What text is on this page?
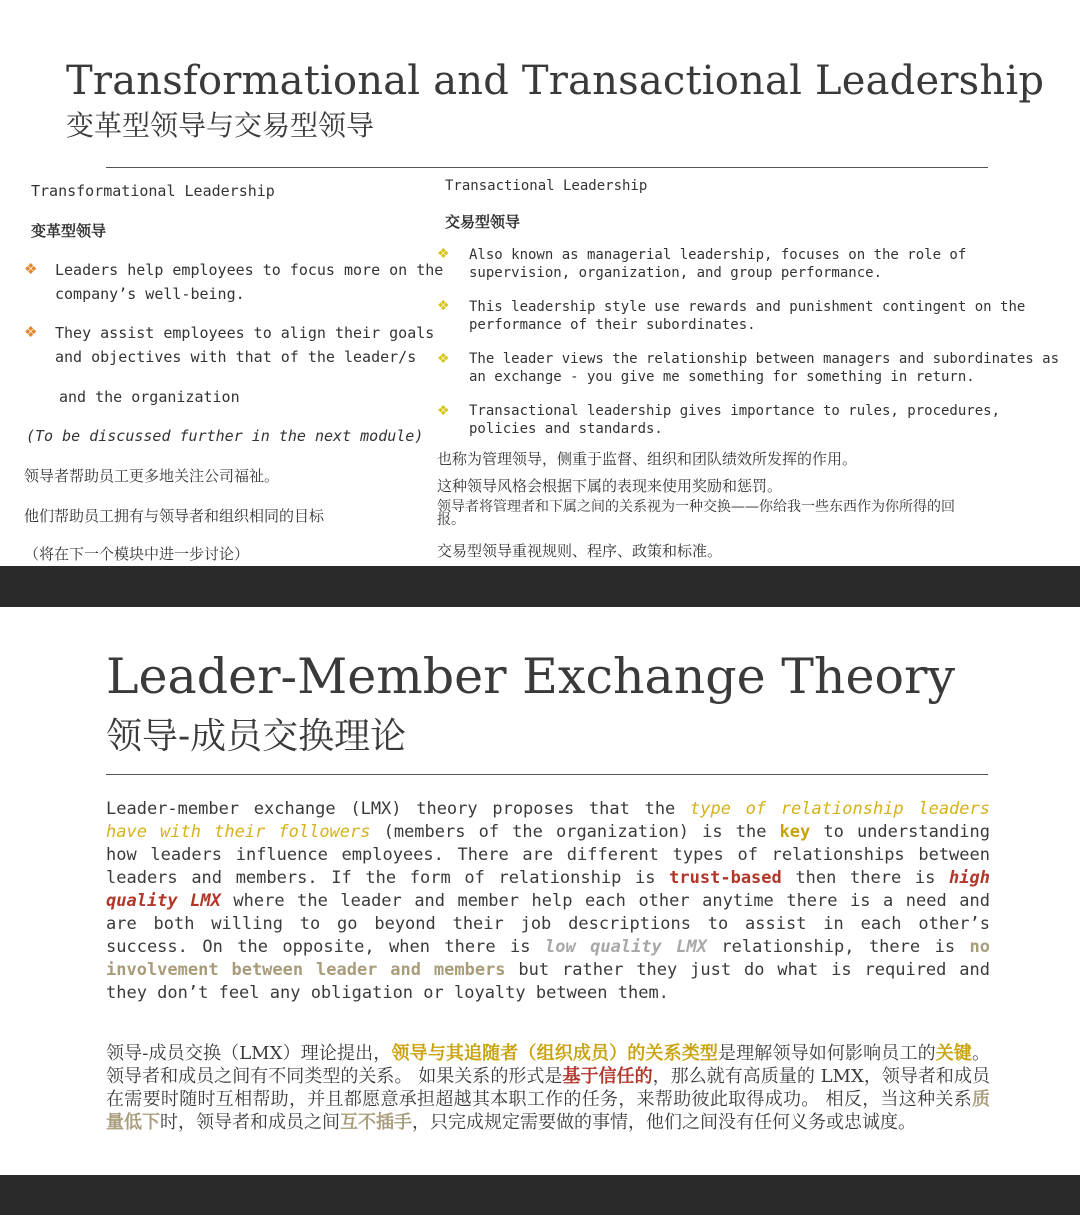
Transformational and Transactional Leadership
变革型领导与交易型领导
Transformational Leadership
变革型领导
❖ Leaders help employees to focus more on the
company’s well-being.
❖ They assist employees to align their goals
and objectives with that of the leader/s
and the organization
(To be discussed further in the next module)
领导者帮助员工更多地关注公司福祉。
他们帮助员工拥有与领导者和组织相同的目标
（将在下一个模块中进一步讨论）
Transactional Leadership
交易型领导
❖ Also known as managerial leadership, focuses on the role of
supervision, organization, and group performance.
❖ This leadership style use rewards and punishment contingent on the
performance of their subordinates.
❖ The leader views the relationship between managers and subordinates as
an exchange - you give me something for something in return.
❖ Transactional leadership gives importance to rules, procedures,
policies and standards.
也称为管理领导，侧重于监督、组织和团队绩效所发挥的作用。
这种领导风格会根据下属的表现来使用奖励和惩罚。
领导者将管理者和下属之间的关系视为一种交换——你给我一些东西作为你所得的回
报。
交易型领导重视规则、程序、政策和标准。
Leader-Member Exchange Theory
领导-成员交换理论
Leader-member exchange (LMX) theory proposes that the type of relationship leaders have with their followers (members of the organization) is the key to understanding how leaders influence employees. There are different types of relationships between leaders and members. If the form of relationship is trust-based then there is high quality LMX where the leader and member help each other anytime there is a need and are both willing to go beyond their job descriptions to assist in each other’s success. On the opposite, when there is low quality LMX relationship, there is no involvement between leader and members but rather they just do what is required and they don’t feel any obligation or loyalty between them.
领导-成员交换（LMX）理论提出，领导与其追随者（组织成员）的关系类型是理解领导如何影响员工的关键。 领导者和成员之间有不同类型的关系。 如果关系的形式是基于信任的，那么就有高质量的 LMX，领导者和成员在需要时随时互相帮助，并且都愿意承担超越其本职工作的任务，来帮助彼此取得成功。 相反，当这种关系质量低下时，领导者和成员之间互不插手，只完成规定需要做的事情，他们之间没有任何义务或忠诚度。
